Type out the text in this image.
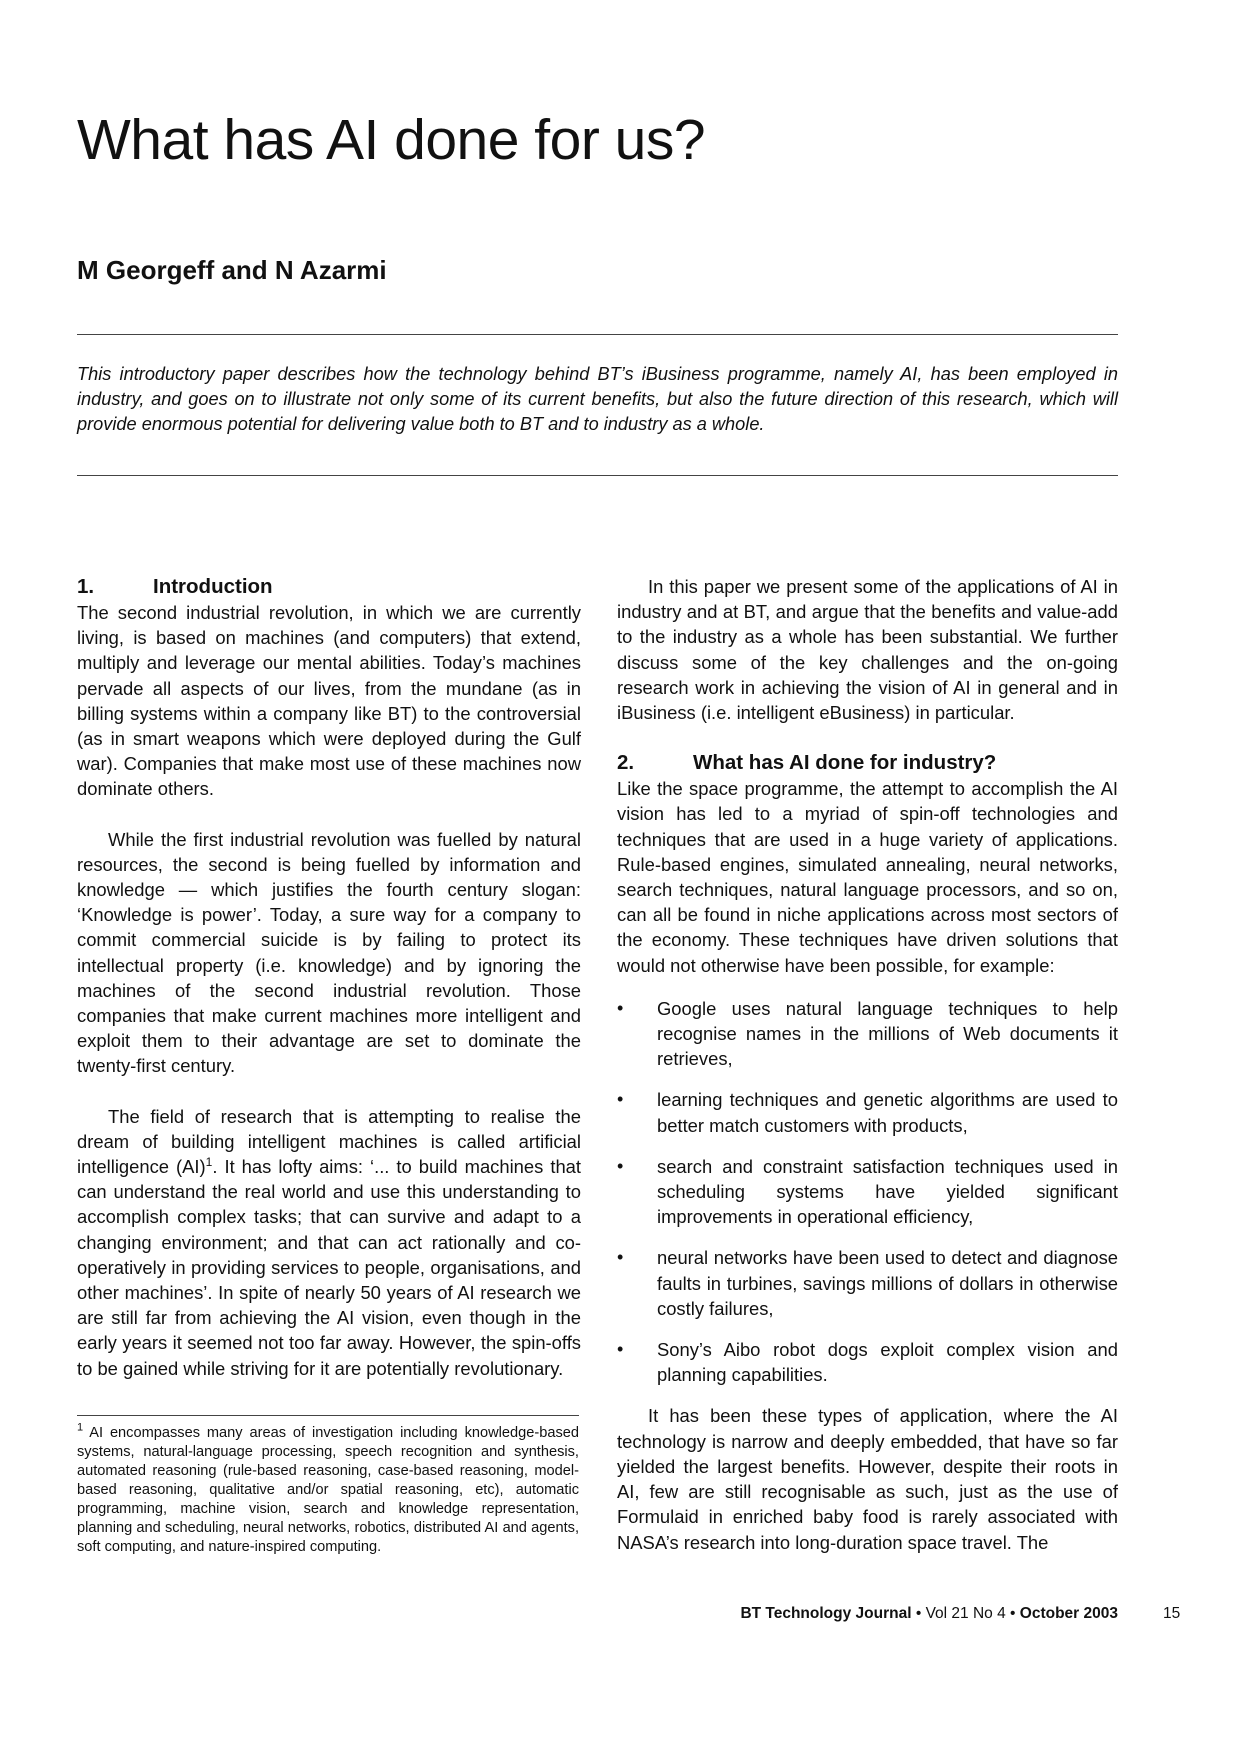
What has AI done for us?
M Georgeff and N Azarmi

This introductory paper describes how the technology behind BT’s iBusiness programme, namely AI, has been employed in industry, and goes on to illustrate not only some of its current benefits, but also the future direction of this research, which will provide enormous potential for delivering value both to BT and to industry as a whole.

1.	Introduction

The second industrial revolution, in which we are currently living, is based on machines (and computers) that extend, multiply and leverage our mental abilities. Today’s machines pervade all aspects of our lives, from the mundane (as in billing systems within a company like BT) to the controversial (as in smart weapons which were deployed during the Gulf war). Companies that make most use of these machines now dominate others.

While the first industrial revolution was fuelled by natural resources, the second is being fuelled by information and knowledge — which justifies the fourth century slogan: ‘Knowledge is power’. Today, a sure way for a company to commit commercial suicide is by failing to protect its intellectual property (i.e. knowledge) and by ignoring the machines of the second industrial revolution. Those companies that make current machines more intelligent and exploit them to their advantage are set to dominate the twenty-first century.

The field of research that is attempting to realise the dream of building intelligent machines is called artificial intelligence (AI)$^1$. It has lofty aims: ‘... to build machines that can understand the real world and use this understanding to accomplish complex tasks; that can survive and adapt to a changing environment; and that can act rationally and co-operatively in providing services to people, organisations, and other machines’. In spite of nearly 50 years of AI research we are still far from achieving the AI vision, even though in the early years it seemed not too far away. However, the spin-offs to be gained while striving for it are potentially revolutionary.

In this paper we present some of the applications of AI in industry and at BT, and argue that the benefits and value-add to the industry as a whole has been substantial. We further discuss some of the key challenges and the on-going research work in achieving the vision of AI in general and in iBusiness (i.e. intelligent eBusiness) in particular.

2.	What has AI done for industry?

Like the space programme, the attempt to accomplish the AI vision has led to a myriad of spin-off technologies and techniques that are used in a huge variety of applications. Rule-based engines, simulated annealing, neural networks, search techniques, natural language processors, and so on, can all be found in niche applications across most sectors of the economy. These techniques have driven solutions that would not otherwise have been possible, for example:

• Google uses natural language techniques to help recognise names in the millions of Web documents it retrieves,
• learning techniques and genetic algorithms are used to better match customers with products,
• search and constraint satisfaction techniques used in scheduling systems have yielded significant improvements in operational efficiency,
• neural networks have been used to detect and diagnose faults in turbines, savings millions of dollars in otherwise costly failures,
• Sony’s Aibo robot dogs exploit complex vision and planning capabilities.

It has been these types of application, where the AI technology is narrow and deeply embedded, that have so far yielded the largest benefits. However, despite their roots in AI, few are still recognisable as such, just as the use of Formulaid in enriched baby food is rarely associated with NASA’s research into long-duration space travel. The

$^1$ AI encompasses many areas of investigation including knowledge-based systems, natural-language processing, speech recognition and synthesis, automated reasoning (rule-based reasoning, case-based reasoning, model-based reasoning, qualitative and/or spatial reasoning, etc), automatic programming, machine vision, search and knowledge representation, planning and scheduling, neural networks, robotics, distributed AI and agents, soft computing, and nature-inspired computing.

BT Technology Journal • Vol 21 No 4 • October 2003	15
